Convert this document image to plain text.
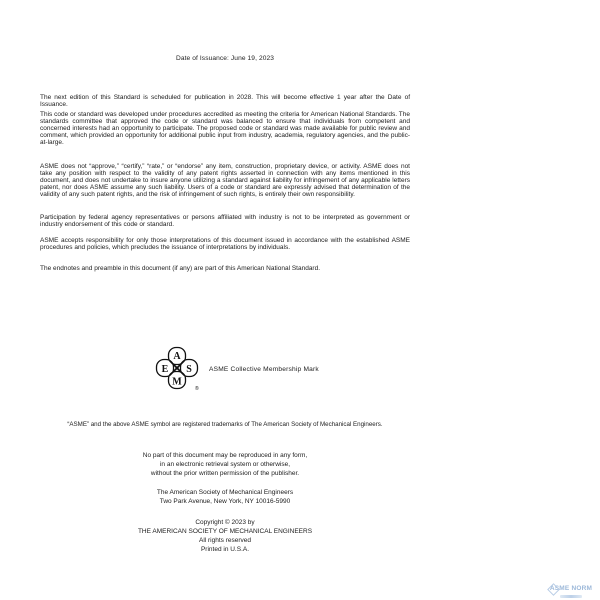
Date of Issuance: June 19, 2023
The next edition of this Standard is scheduled for publication in 2028. This will become effective 1 year after the Date of Issuance.
This code or standard was developed under procedures accredited as meeting the criteria for American National Standards. The standards committee that approved the code or standard was balanced to ensure that individuals from competent and concerned interests had an opportunity to participate. The proposed code or standard was made available for public review and comment, which provided an opportunity for additional public input from industry, academia, regulatory agencies, and the public-at-large.
ASME does not “approve,” “certify,” “rate,” or “endorse” any item, construction, proprietary device, or activity. ASME does not take any position with respect to the validity of any patent rights asserted in connection with any items mentioned in this document, and does not undertake to insure anyone utilizing a standard against liability for infringement of any applicable letters patent, nor does ASME assume any such liability. Users of a code or standard are expressly advised that determination of the validity of any such patent rights, and the risk of infringement of such rights, is entirely their own responsibility.
Participation by federal agency representatives or persons affiliated with industry is not to be interpreted as government or industry endorsement of this code or standard.
ASME accepts responsibility for only those interpretations of this document issued in accordance with the established ASME procedures and policies, which precludes the issuance of interpretations by individuals.
The endnotes and preamble in this document (if any) are part of this American National Standard.
A
E S
M
®
ASME Collective Membership Mark
“ASME” and the above ASME symbol are registered trademarks of The American Society of Mechanical Engineers.
No part of this document may be reproduced in any form,
in an electronic retrieval system or otherwise,
without the prior written permission of the publisher.
The American Society of Mechanical Engineers
Two Park Avenue, New York, NY 10016-5990
Copyright © 2023 by
THE AMERICAN SOCIETY OF MECHANICAL ENGINEERS
All rights reserved
Printed in U.S.A.
ASME NORM
